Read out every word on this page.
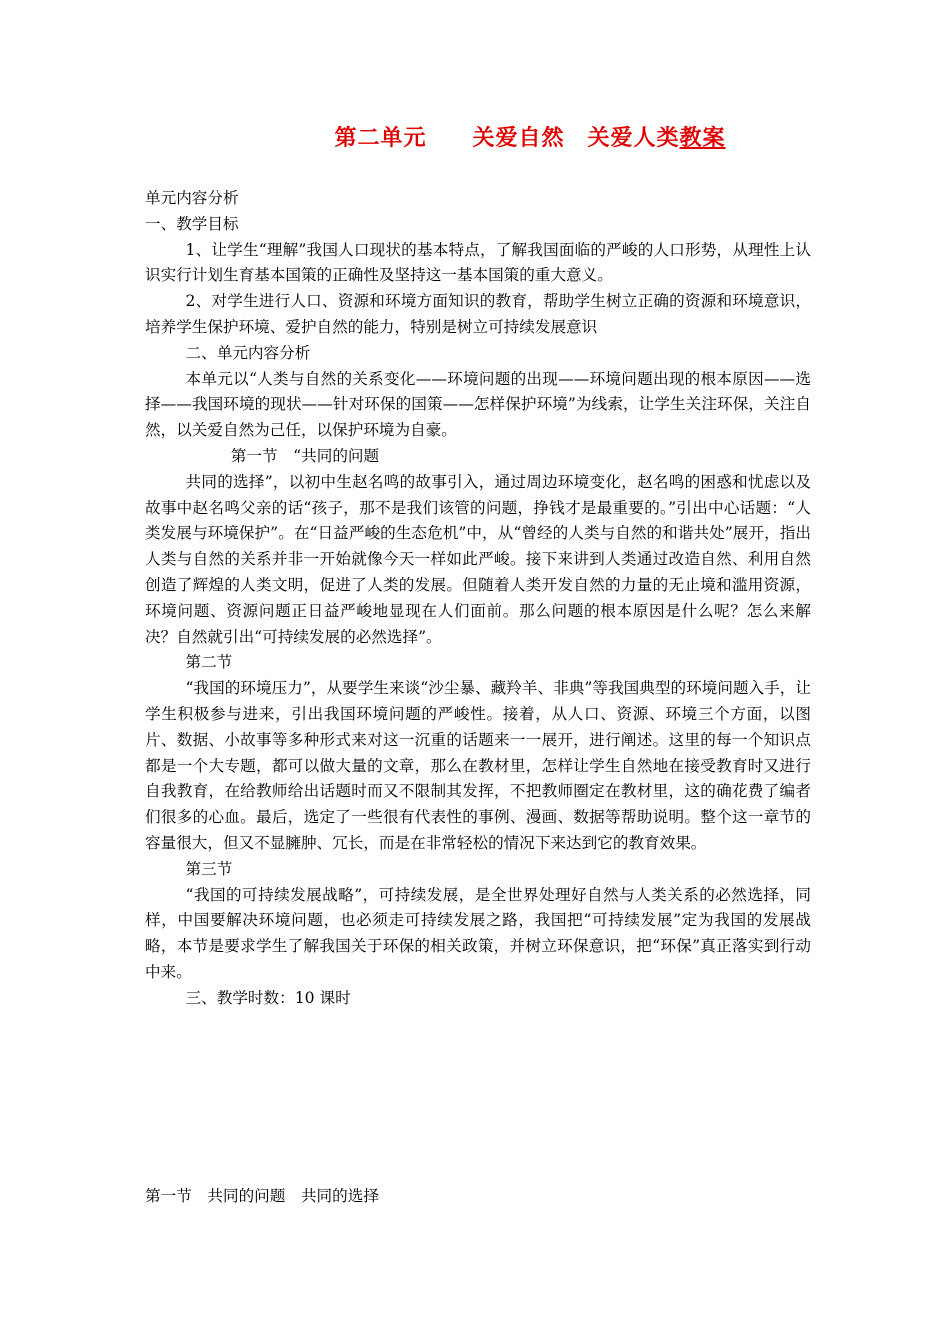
第二单元　　关爱自然　关爱人类教案

单元内容分析

一、教学目标

1、让学生“理解”我国人口现状的基本特点，了解我国面临的严峻的人口形势，从理性上认识实行计划生育基本国策的正确性及坚持这一基本国策的重大意义。

2、对学生进行人口、资源和环境方面知识的教育，帮助学生树立正确的资源和环境意识，培养学生保护环境、爱护自然的能力，特别是树立可持续发展意识

二、单元内容分析

本单元以“人类与自然的关系变化——环境问题的出现——环境问题出现的根本原因——选择——我国环境的现状——针对环保的国策——怎样保护环境”为线索，让学生关注环保，关注自然，以关爱自然为己任，以保护环境为自豪。

第一节　“共同的问题

共同的选择”，以初中生赵名鸣的故事引入，通过周边环境变化，赵名鸣的困惑和忧虑以及故事中赵名鸣父亲的话“孩子，那不是我们该管的问题，挣钱才是最重要的。”引出中心话题：“人类发展与环境保护”。在“日益严峻的生态危机”中，从“曾经的人类与自然的和谐共处”展开，指出人类与自然的关系并非一开始就像今天一样如此严峻。接下来讲到人类通过改造自然、利用自然创造了辉煌的人类文明，促进了人类的发展。但随着人类开发自然的力量的无止境和滥用资源，环境问题、资源问题正日益严峻地显现在人们面前。那么问题的根本原因是什么呢？怎么来解决？自然就引出“可持续发展的必然选择”。

第二节

“我国的环境压力”，从要学生来谈“沙尘暴、藏羚羊、非典”等我国典型的环境问题入手，让学生积极参与进来，引出我国环境问题的严峻性。接着，从人口、资源、环境三个方面，以图片、数据、小故事等多种形式来对这一沉重的话题来一一展开，进行阐述。这里的每一个知识点都是一个大专题，都可以做大量的文章，那么在教材里，怎样让学生自然地在接受教育时又进行自我教育，在给教师给出话题时而又不限制其发挥，不把教师圈定在教材里，这的确花费了编者们很多的心血。最后，选定了一些很有代表性的事例、漫画、数据等帮助说明。整个这一章节的容量很大，但又不显臃肿、冗长，而是在非常轻松的情况下来达到它的教育效果。

第三节

“我国的可持续发展战略”，可持续发展，是全世界处理好自然与人类关系的必然选择，同样，中国要解决环境问题，也必须走可持续发展之路，我国把“可持续发展”定为我国的发展战略，本节是要求学生了解我国关于环保的相关政策，并树立环保意识，把“环保”真正落实到行动中来。

三、教学时数：10 课时

第一节　共同的问题　共同的选择
